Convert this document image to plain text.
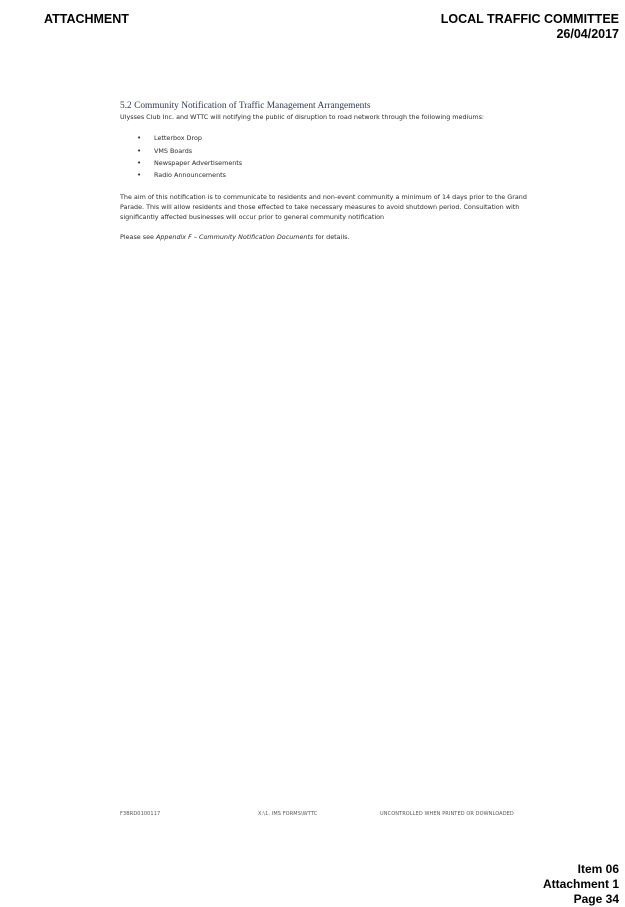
ATTACHMENT	LOCAL TRAFFIC COMMITTEE
26/04/2017
5.2 Community Notification of Traffic Management Arrangements

Ulysses Club Inc. and WTTC will notifying the public of disruption to road network through the following mediums:

• Letterbox Drop
• VMS Boards
• Newspaper Advertisements
• Radio Announcements

The aim of this notification is to communicate to residents and non-event community a minimum of 14 days prior to the Grand Parade. This will allow residents and those effected to take necessary measures to avoid shutdown period. Consultation with significantly affected businesses will occur prior to general community notification

Please see Appendix F – Community Notification Documents for details.

F3BRD0100117	X:\1. IMS FORMS\WTTC	UNCONTROLLED WHEN PRINTED OR DOWNLOADED
Item 06
Attachment 1
Page 34
